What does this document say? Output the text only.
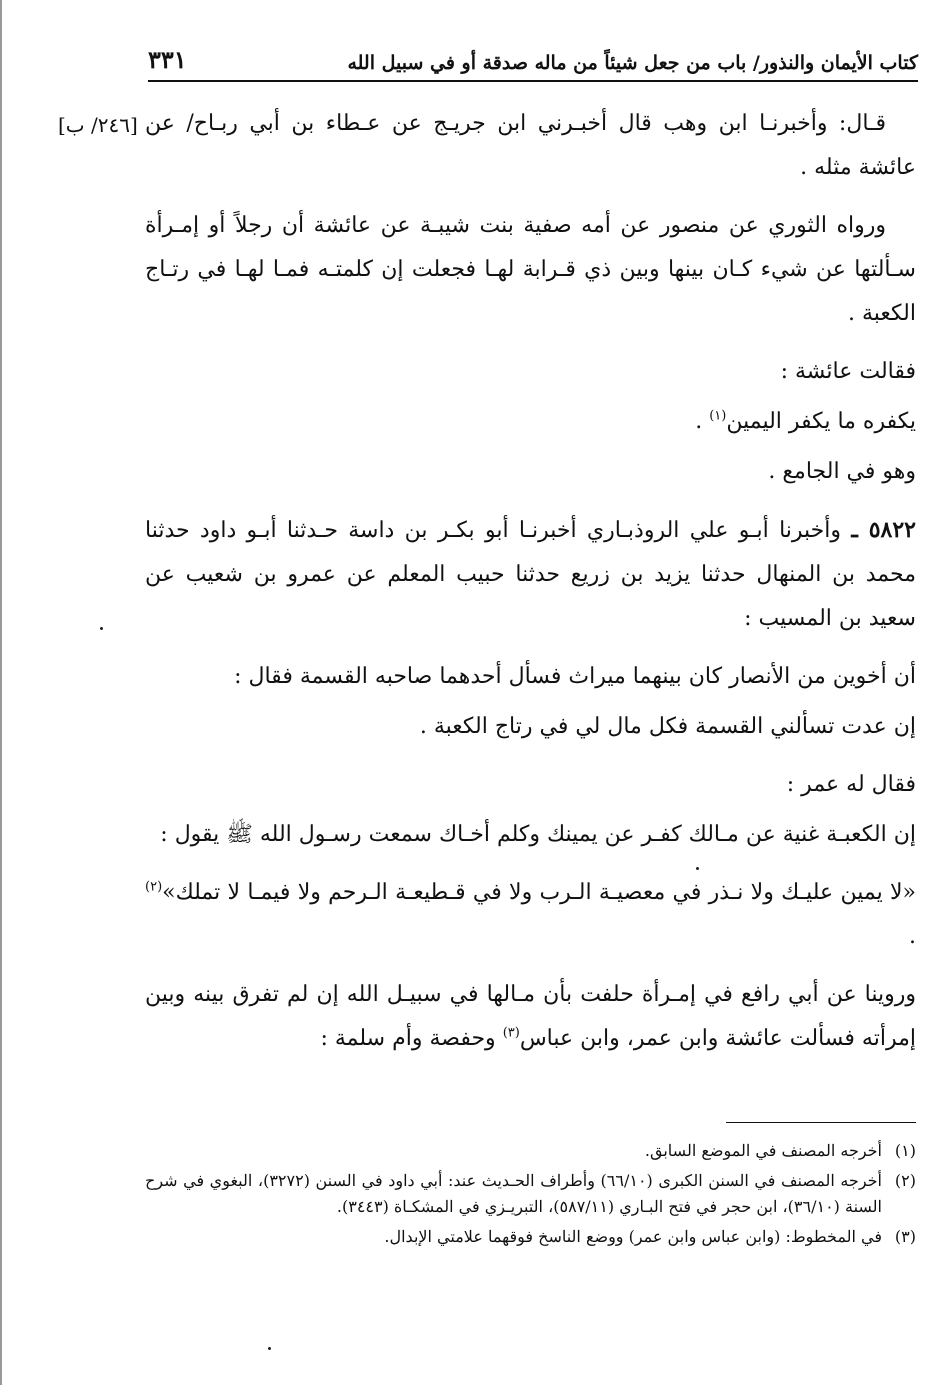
كتاب الأيمان والنذور/ باب من جعل شيئاً من ماله صدقة أو في سبيل الله
٣٣١
[٢٤٦/ ب] قـال: وأخبرنـا ابن وهب قال أخبـرني ابن جريـج عن عـطاء بن أبي ربـاح/ عن عائشة مثله .

ورواه الثوري عن منصور عن أمه صفية بنت شيبـة عن عائشة أن رجلاً أو إمـرأة سـألتها عن شيء كـان بينها وبين ذي قـرابة لهـا فجعلت إن كلمتـه فمـا لهـا في رتـاج الكعبة .

فقالت عائشة :

يكفره ما يكفر اليمين$^{(١)}$ .

وهو في الجامع .

٥٨٢٢ ـ وأخبرنا أبـو علي الروذبـاري أخبرنـا أبو بكـر بن داسة حـدثنا أبـو داود حدثنا محمد بن المنهال حدثنا يزيد بن زريع حدثنا حبيب المعلم عن عمرو بن شعيب عن سعيد بن المسيب :

أن أخوين من الأنصار كان بينهما ميراث فسأل أحدهما صاحبه القسمة فقال :

إن عدت تسألني القسمة فكل مال لي في رتاج الكعبة .

فقال له عمر :

إن الكعبـة غنية عن مـالك كفـر عن يمينك وكلم أخـاك سمعت رسـول الله ﷺ يقول :

«لا يمين عليـك ولا نـذر في معصيـة الـرب ولا في قـطيعـة الـرحم ولا فيمـا لا تملك»$^{(٢)}$ .

وروينا عن أبي رافع في إمـرأة حلفت بأن مـالها في سبيـل الله إن لم تفرق بينه وبين إمرأته فسألت عائشة وابن عمر، وابن عباس$^{(٣)}$ وحفصة وأم سلمة :

(١)
أخرجه المصنف في الموضع السابق.

(٢)
أخرجه المصنف في السنن الكبرى (٦٦/١٠) وأطراف الحـديث عند: أبي داود في السنن (٣٢٧٢)، البغوي في شرح السنة (٣٦/١٠)، ابن حجر في فتح البـاري (٥٨٧/١١)، التبريـزي في المشكـاة (٣٤٤٣).

(٣)
في المخطوط: (وابن عباس وابن عمر) ووضع الناسخ فوقهما علامتي الإبدال.
